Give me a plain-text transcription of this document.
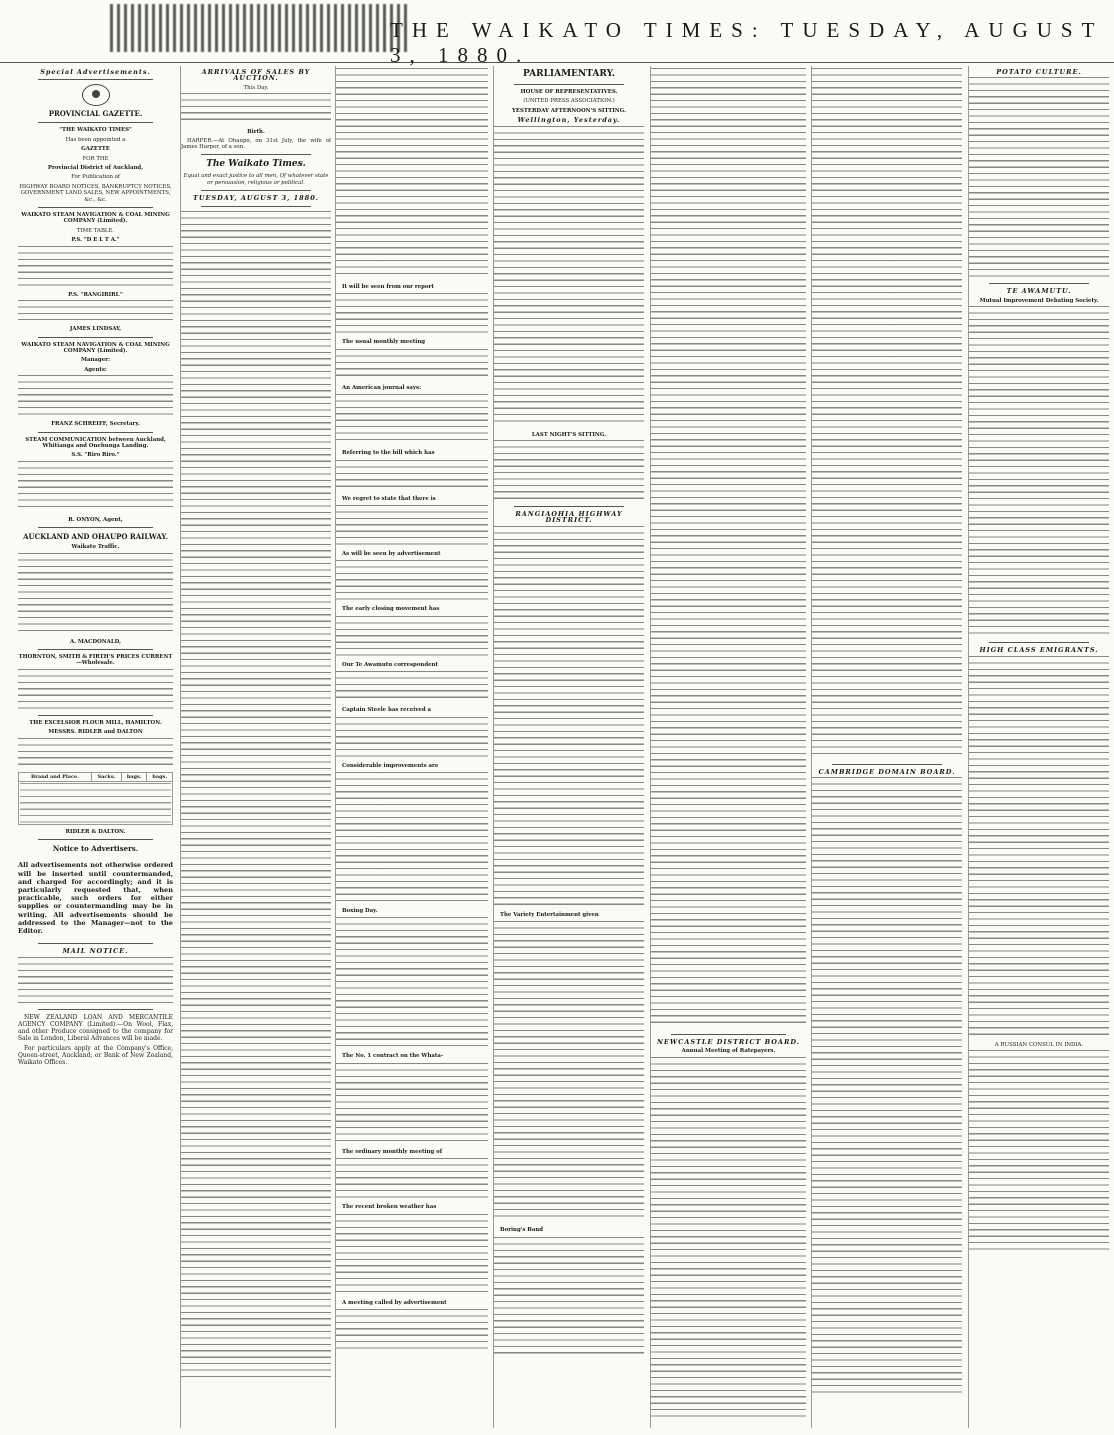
THE WAIKATO TIMES: TUESDAY, AUGUST 3, 1880.
Special Advertisements.
PROVINCIAL GAZETTE.
"THE WAIKATO TIMES"
Has been appointed a
GAZETTE
FOR THE
Provincial District of Auckland,
For Publication of
HIGHWAY BOARD NOTICES, BANKRUPTCY NOTICES, GOVERNMENT LAND SALES, NEW APPOINTMENTS, &c., &c.
WAIKATO STEAM NAVIGATION & COAL MINING COMPANY (Limited).
TIME TABLE.
P.S. "D E L T A."
P.S. "RANGIRIRI."
JAMES LINDSAY,
WAIKATO STEAM NAVIGATION & COAL MINING COMPANY (Limited).
Manager:
Agents:
FRANZ SCHREIFF, Secretary.
STEAM COMMUNICATION between Auckland, Whitianga and Onehunga Landing.
S.S. "Riro Riro."
R. ONYON, Agent,
AUCKLAND AND OHAUPO RAILWAY.
Waikato Traffic.
A. MACDONALD,
THORNTON, SMITH & FIRTH'S PRICES CURRENT—Wholesale.
THE EXCELSIOR FLOUR MILL, HAMILTON.
MESSRS. RIDLER and DALTON
Brand and Place.	Sacks.	bags.	bags.

RIDLER & DALTON.
Notice to Advertisers.
All advertisements not otherwise ordered will be inserted until countermanded, and charged for accordingly; and it is particularly requested that, when practicable, such orders for either supplies or countermanding may be in writing. All advertisements should be addressed to the Manager—not to the Editor.
MAIL NOTICE.
NEW ZEALAND LOAN AND MERCANTILE AGENCY COMPANY (Limited).—On Wool, Flax, and other Produce consigned to the company for Sale in London, Liberal Advances will be made.
For particulars apply at the Company's Office, Queen-street, Auckland; or Bank of New Zealand, Waikato Offices.
ARRIVALS OF SALES BY AUCTION.
This Day.
Birth.
HARPER.—At Ohaupo, on 31st July, the wife of James Harper, of a son.
The Waikato Times.
Equal and exact justice to all men, Of whatever state or persuasion, religious or political.
TUESDAY, AUGUST 3, 1880.
It will be seen from our report
The usual monthly meeting
An American journal says:
Referring to the bill which has
We regret to state that there is
As will be seen by advertisement
The early closing movement has
Our Te Awamutu correspondent
Captain Steele has received a
Considerable improvements are
Boxing Day.
The No. 1 contract on the Whata-
The ordinary monthly meeting of
The recent broken weather has
A meeting called by advertisement
PARLIAMENTARY.
HOUSE OF REPRESENTATIVES.
(UNITED PRESS ASSOCIATION.)
YESTERDAY AFTERNOON'S SITTING.
Wellington, Yesterday.
LAST NIGHT'S SITTING.
RANGIAOHIA HIGHWAY DISTRICT.
The Variety Entertainment given
Boring's Band
NEWCASTLE DISTRICT BOARD.
Annual Meeting of Ratepayers.
CAMBRIDGE DOMAIN BOARD.
POTATO CULTURE.
TE AWAMUTU.
Mutual Improvement Debating Society.
HIGH CLASS EMIGRANTS.
A RUSSIAN CONSUL IN INDIA.
